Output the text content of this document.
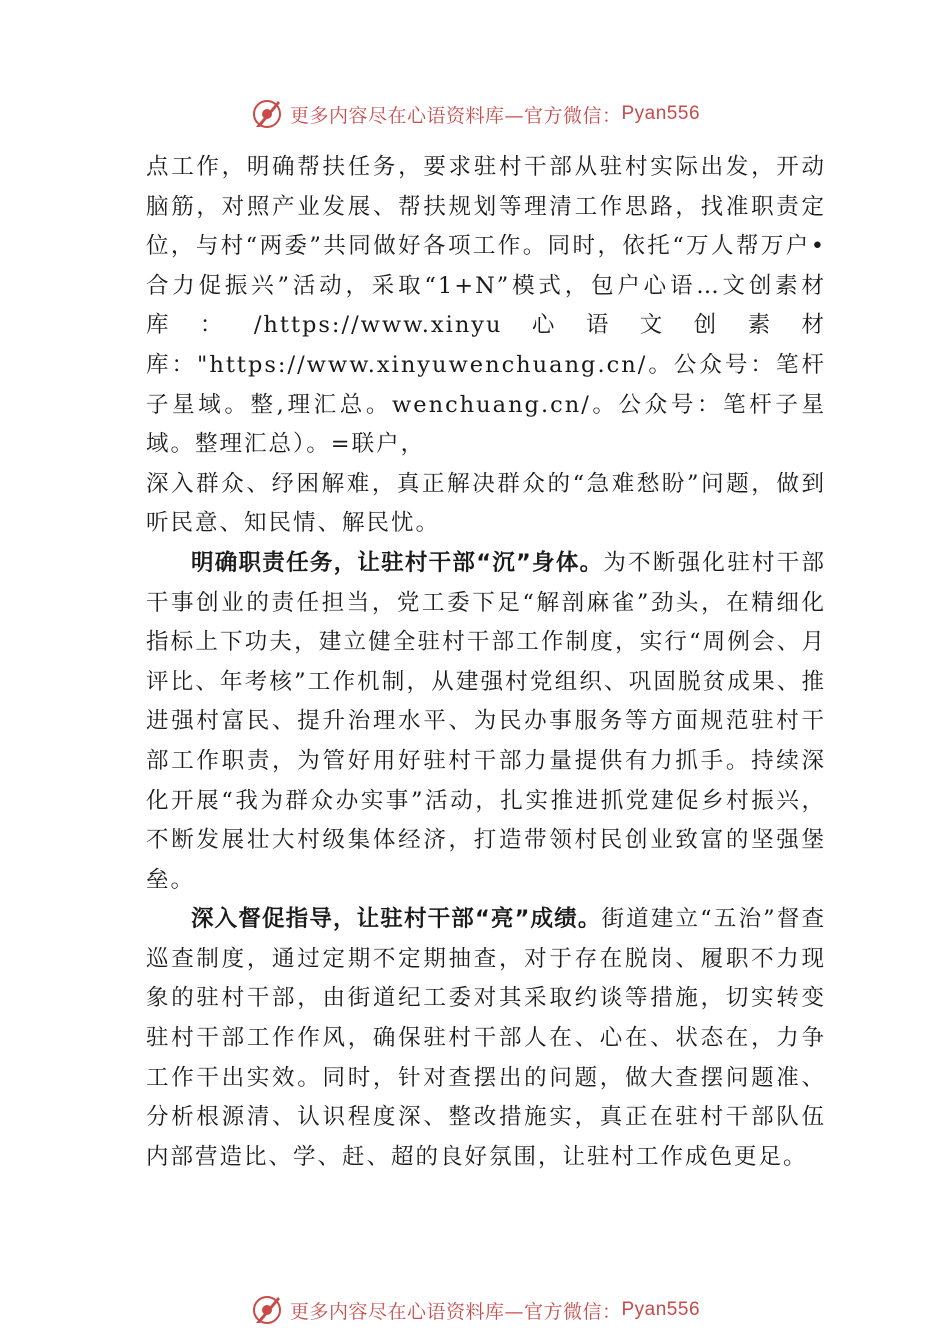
更多内容尽在心语资料库—官方微信： Pyan556

点工作，明确帮扶任务，要求驻村干部从驻村实际出发，开动脑筋，对照产业发展、帮扶规划等理清工作思路，找准职责定位，与村“两委”共同做好各项工作。同时，依托“万人帮万户•合力促振兴”活动，采取“1+N”模式，包户心语…文创素材库：/https://www.xinyu心语文创素材库："https://www.xinyuwenchuang.cn/。公众号：笔杆子星域。整,理汇总。wenchuang.cn/。公众号：笔杆子星域。整理汇总）。=联户，

深入群众、纾困解难，真正解决群众的“急难愁盼”问题，做到听民意、知民情、解民忧。

明确职责任务，让驻村干部“沉”身体。为不断强化驻村干部干事创业的责任担当，党工委下足“解剖麻雀”劲头，在精细化指标上下功夫，建立健全驻村干部工作制度，实行“周例会、月评比、年考核”工作机制，从建强村党组织、巩固脱贫成果、推进强村富民、提升治理水平、为民办事服务等方面规范驻村干部工作职责，为管好用好驻村干部力量提供有力抓手。持续深化开展“我为群众办实事”活动，扎实推进抓党建促乡村振兴，不断发展壮大村级集体经济，打造带领村民创业致富的坚强堡垒。

深入督促指导，让驻村干部“亮”成绩。街道建立“五治”督查巡查制度，通过定期不定期抽查，对于存在脱岗、履职不力现象的驻村干部，由街道纪工委对其采取约谈等措施，切实转变驻村干部工作作风，确保驻村干部人在、心在、状态在，力争工作干出实效。同时，针对查摆出的问题，做大查摆问题准、分析根源清、认识程度深、整改措施实，真正在驻村干部队伍内部营造比、学、赶、超的良好氛围，让驻村工作成色更足。

更多内容尽在心语资料库—官方微信： Pyan556
